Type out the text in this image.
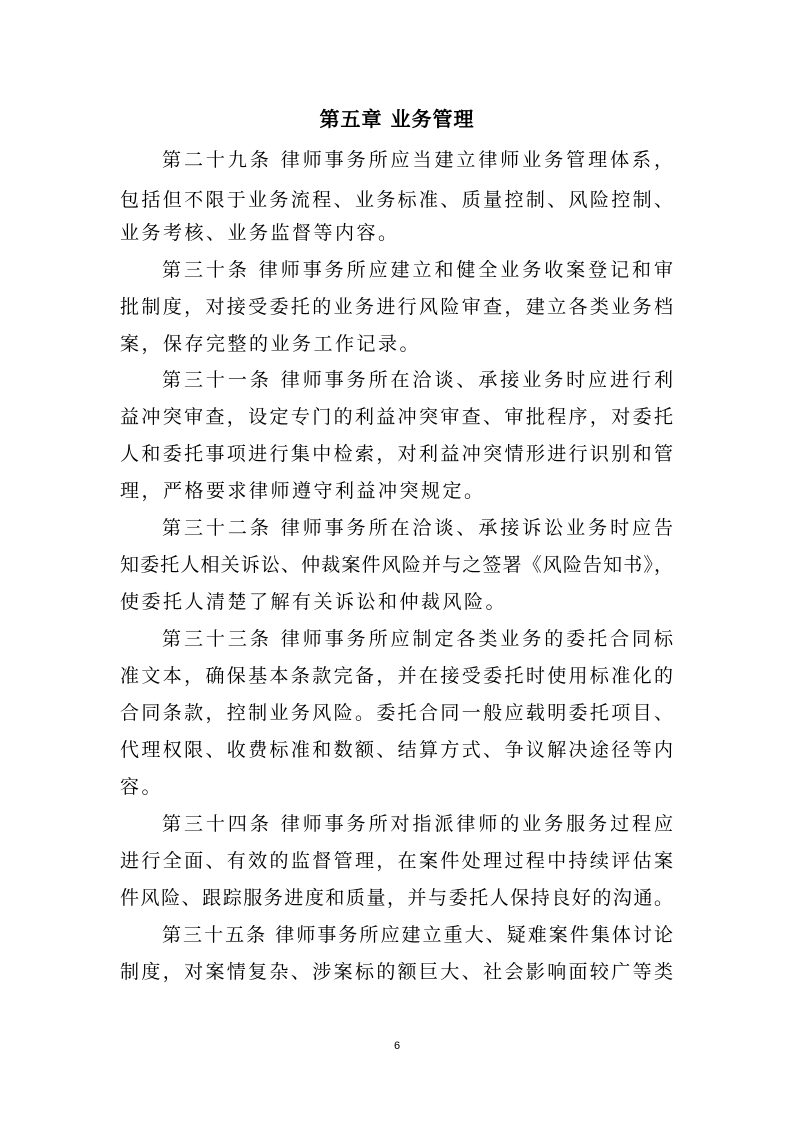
第五章 业务管理
第二十九条 律师事务所应当建立律师业务管理体系，
包括但不限于业务流程、业务标准、质量控制、风险控制、
业务考核、业务监督等内容。
第三十条 律师事务所应建立和健全业务收案登记和审
批制度，对接受委托的业务进行风险审查，建立各类业务档
案，保存完整的业务工作记录。
第三十一条 律师事务所在洽谈、承接业务时应进行利
益冲突审查，设定专门的利益冲突审查、审批程序，对委托
人和委托事项进行集中检索，对利益冲突情形进行识别和管
理，严格要求律师遵守利益冲突规定。
第三十二条 律师事务所在洽谈、承接诉讼业务时应告
知委托人相关诉讼、仲裁案件风险并与之签署《风险告知书》，
使委托人清楚了解有关诉讼和仲裁风险。
第三十三条 律师事务所应制定各类业务的委托合同标
准文本，确保基本条款完备，并在接受委托时使用标准化的
合同条款，控制业务风险。委托合同一般应载明委托项目、
代理权限、收费标准和数额、结算方式、争议解决途径等内
容。
第三十四条 律师事务所对指派律师的业务服务过程应
进行全面、有效的监督管理，在案件处理过程中持续评估案
件风险、跟踪服务进度和质量，并与委托人保持良好的沟通。
第三十五条 律师事务所应建立重大、疑难案件集体讨论
制度，对案情复杂、涉案标的额巨大、社会影响面较广等类
6
